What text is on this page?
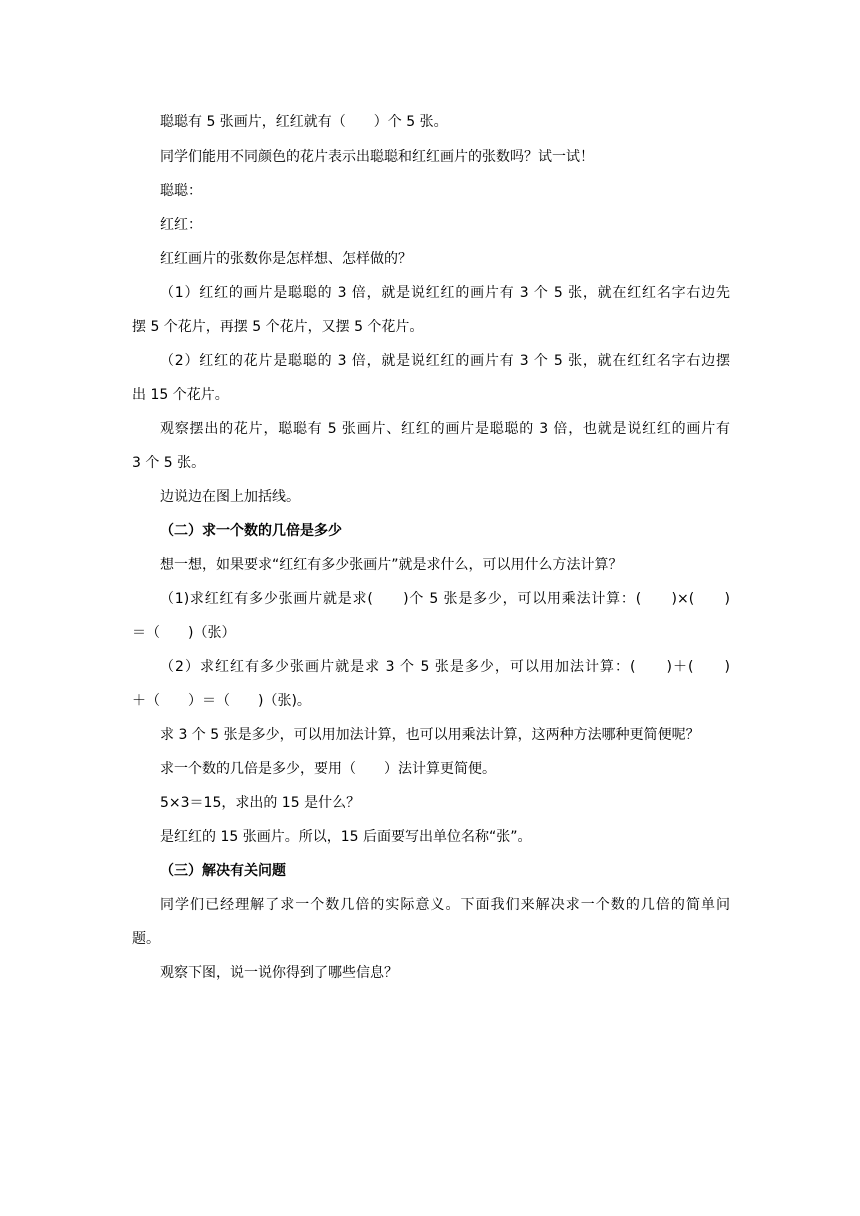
聪聪有 5 张画片，红红就有（　　）个 5 张。
同学们能用不同颜色的花片表示出聪聪和红红画片的张数吗？试一试！
聪聪：
红红：
红红画片的张数你是怎样想、怎样做的？
（1）红红的画片是聪聪的 3 倍，就是说红红的画片有 3 个 5 张，就在红红名字右边先
摆 5 个花片，再摆 5 个花片，又摆 5 个花片。
（2）红红的花片是聪聪的 3 倍，就是说红红的画片有 3 个 5 张，就在红红名字右边摆
出 15 个花片。
观察摆出的花片，聪聪有 5 张画片、红红的画片是聪聪的 3 倍，也就是说红红的画片有
3 个 5 张。
边说边在图上加括线。
（二）求一个数的几倍是多少
想一想，如果要求“红红有多少张画片”就是求什么，可以用什么方法计算？
（1)求红红有多少张画片就是求(　　)个 5 张是多少，可以用乘法计算：(　　)×(　　)
＝（　　)（张）
（2）求红红有多少张画片就是求 3 个 5 张是多少，可以用加法计算：(　　)＋(　　)
＋（　　）＝（　　)（张)。
求 3 个 5 张是多少，可以用加法计算，也可以用乘法计算，这两种方法哪种更简便呢？
求一个数的几倍是多少，要用（　　）法计算更简便。
5×3＝15，求出的 15 是什么？
是红红的 15 张画片。所以，15 后面要写出单位名称“张”。
（三）解决有关问题
同学们已经理解了求一个数几倍的实际意义。下面我们来解决求一个数的几倍的简单问
题。
观察下图，说一说你得到了哪些信息？
